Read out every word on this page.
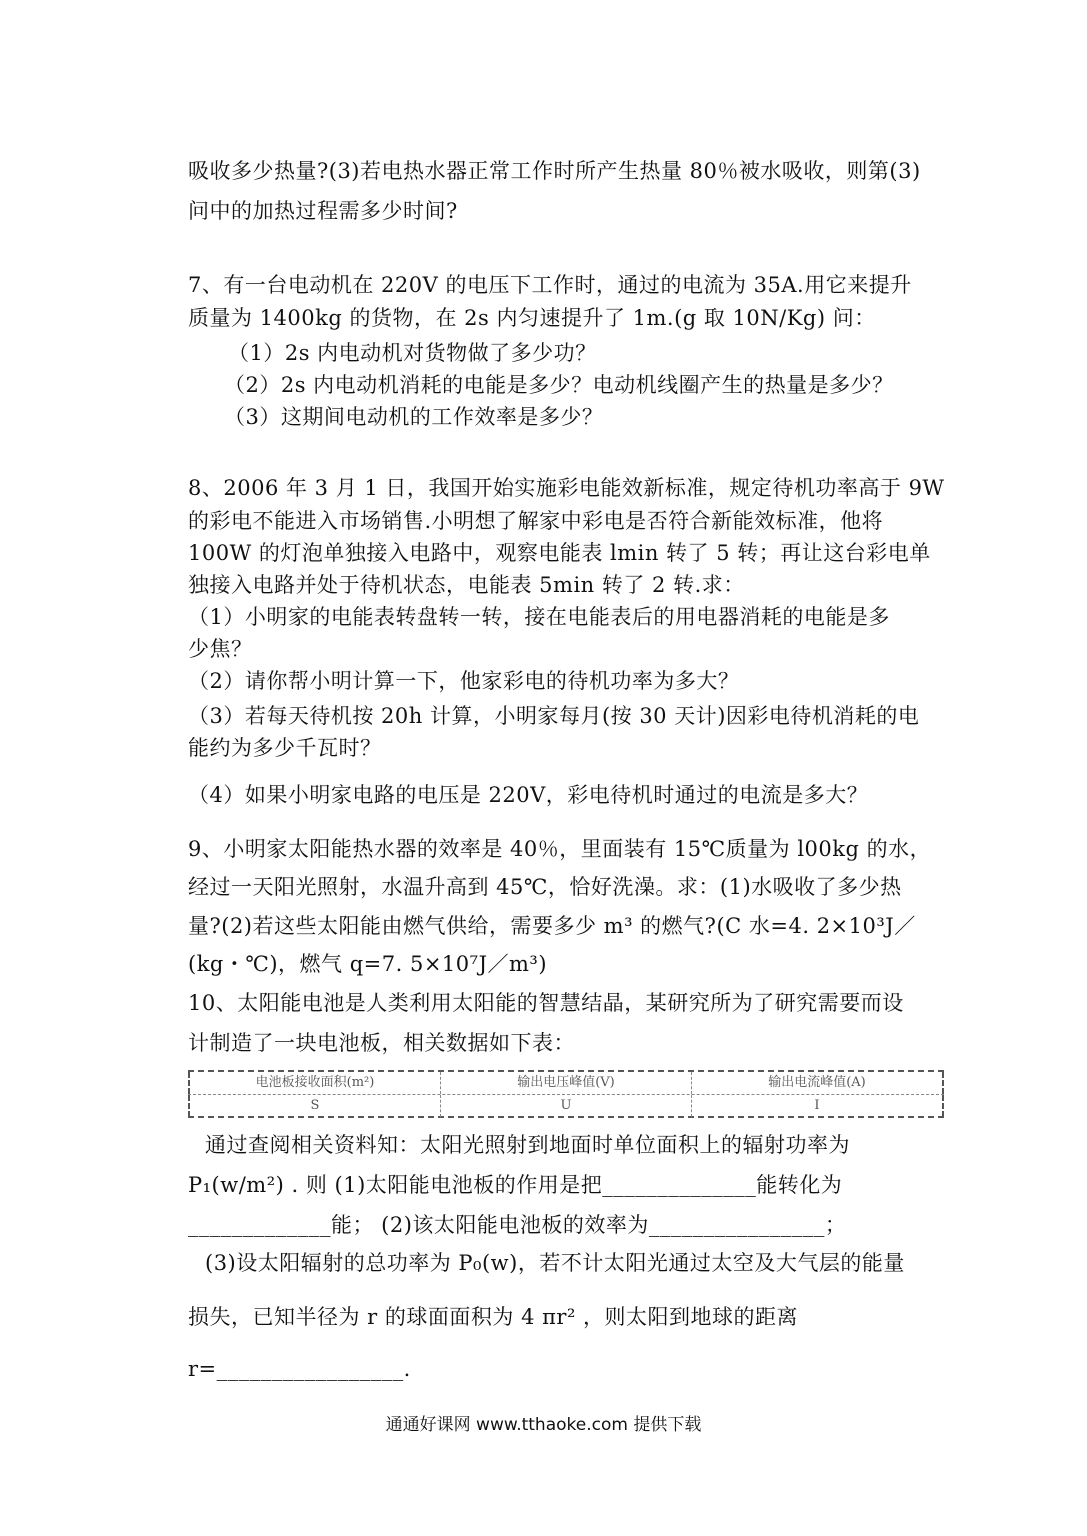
吸收多少热量?(3)若电热水器正常工作时所产生热量 80％被水吸收，则第(3)
问中的加热过程需多少时间?
7、有一台电动机在 220V 的电压下工作时，通过的电流为 35A.用它来提升
质量为 1400kg 的货物，在 2s 内匀速提升了 1m.(g 取 10N/Kg) 问：
（1）2s 内电动机对货物做了多少功？
（2）2s 内电动机消耗的电能是多少？电动机线圈产生的热量是多少？
（3）这期间电动机的工作效率是多少？
8、2006 年 3 月 1 日，我国开始实施彩电能效新标准，规定待机功率高于 9W
的彩电不能进入市场销售.小明想了解家中彩电是否符合新能效标准，他将
100W 的灯泡单独接入电路中，观察电能表 lmin 转了 5 转；再让这台彩电单
独接入电路并处于待机状态，电能表 5min 转了 2 转.求：
（1）小明家的电能表转盘转一转，接在电能表后的用电器消耗的电能是多
少焦？
（2）请你帮小明计算一下，他家彩电的待机功率为多大？
（3）若每天待机按 20h 计算，小明家每月(按 30 天计)因彩电待机消耗的电
能约为多少千瓦时？
（4）如果小明家电路的电压是 220V，彩电待机时通过的电流是多大？
9、小明家太阳能热水器的效率是 40％，里面装有 15℃质量为 l00kg 的水，
经过一天阳光照射，水温升高到 45℃，恰好洗澡。求：(1)水吸收了多少热
量?(2)若这些太阳能由燃气供给，需要多少 m³ 的燃气?(C 水=4. 2×10³J／
(kg・℃)，燃气 q=7. 5×10⁷J／m³)
10、太阳能电池是人类利用太阳能的智慧结晶，某研究所为了研究需要而设
计制造了一块电池板，相关数据如下表：
电池板接收面积(m²)	输出电压峰值(V)	输出电流峰值(A)
S	U	I
通过查阅相关资料知：太阳光照射到地面时单位面积上的辐射功率为
P₁(w/m²) . 则 (1)太阳能电池板的作用是把______________能转化为
_____________能； (2)该太阳能电池板的效率为________________；
(3)设太阳辐射的总功率为 P₀(w)，若不计太阳光通过太空及大气层的能量
损失，已知半径为 r 的球面面积为 4 πr² ，则太阳到地球的距离
r=_________________.
通通好课网 www.tthaoke.com 提供下载
